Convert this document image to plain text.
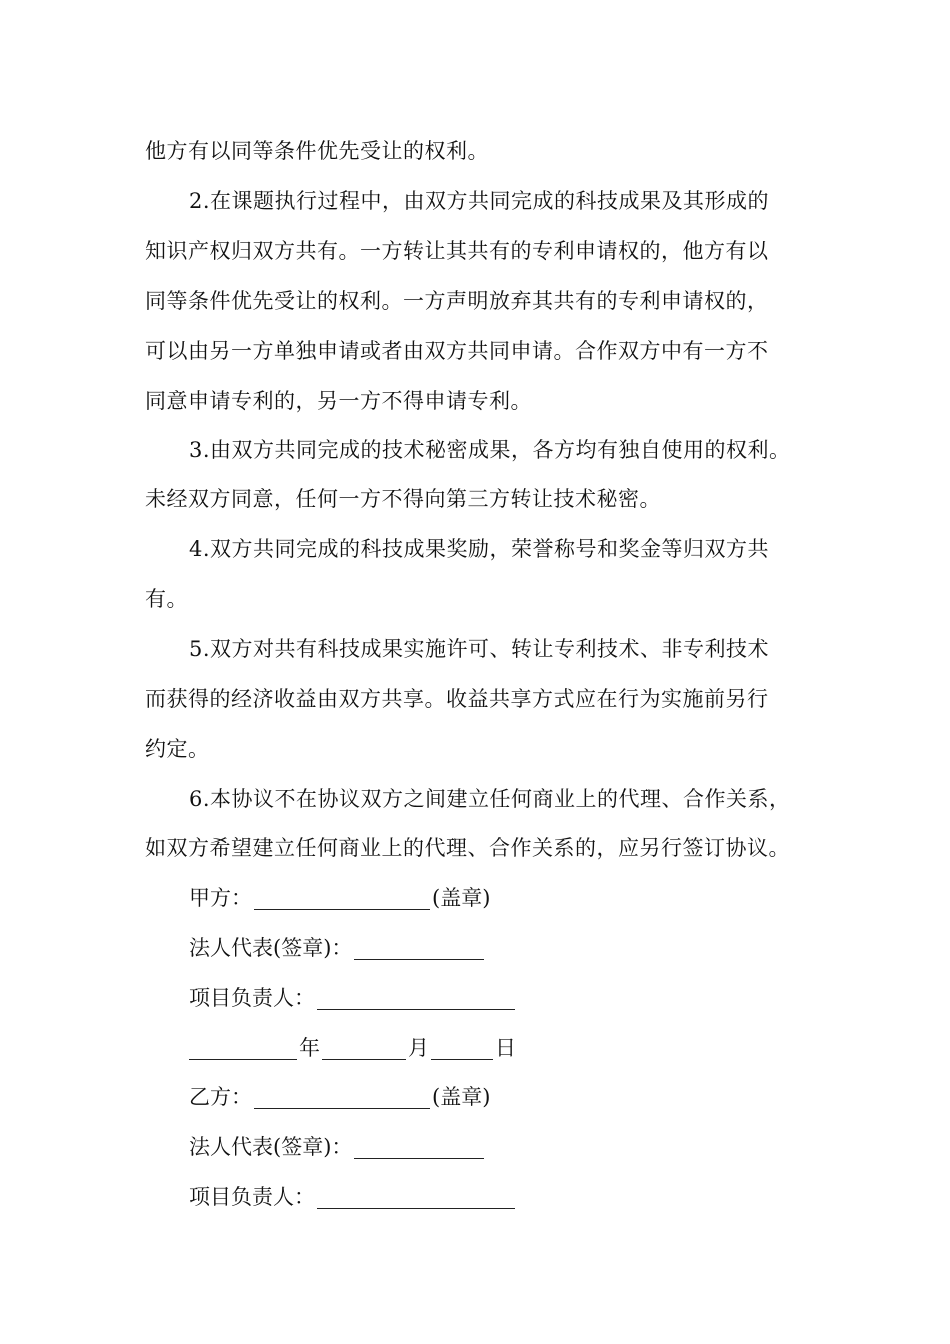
他方有以同等条件优先受让的权利。
2.在课题执行过程中，由双方共同完成的科技成果及其形成的
知识产权归双方共有。一方转让其共有的专利申请权的，他方有以
同等条件优先受让的权利。一方声明放弃其共有的专利申请权的，
可以由另一方单独申请或者由双方共同申请。合作双方中有一方不
同意申请专利的，另一方不得申请专利。
3.由双方共同完成的技术秘密成果，各方均有独自使用的权利。
未经双方同意，任何一方不得向第三方转让技术秘密。
4.双方共同完成的科技成果奖励，荣誉称号和奖金等归双方共
有。
5.双方对共有科技成果实施许可、转让专利技术、非专利技术
而获得的经济收益由双方共享。收益共享方式应在行为实施前另行
约定。
6.本协议不在协议双方之间建立任何商业上的代理、合作关系，
如双方希望建立任何商业上的代理、合作关系的，应另行签订协议。
甲方：	(盖章)
法人代表(签章)：
项目负责人：
年	月	日
乙方：	(盖章)
法人代表(签章)：
项目负责人：
